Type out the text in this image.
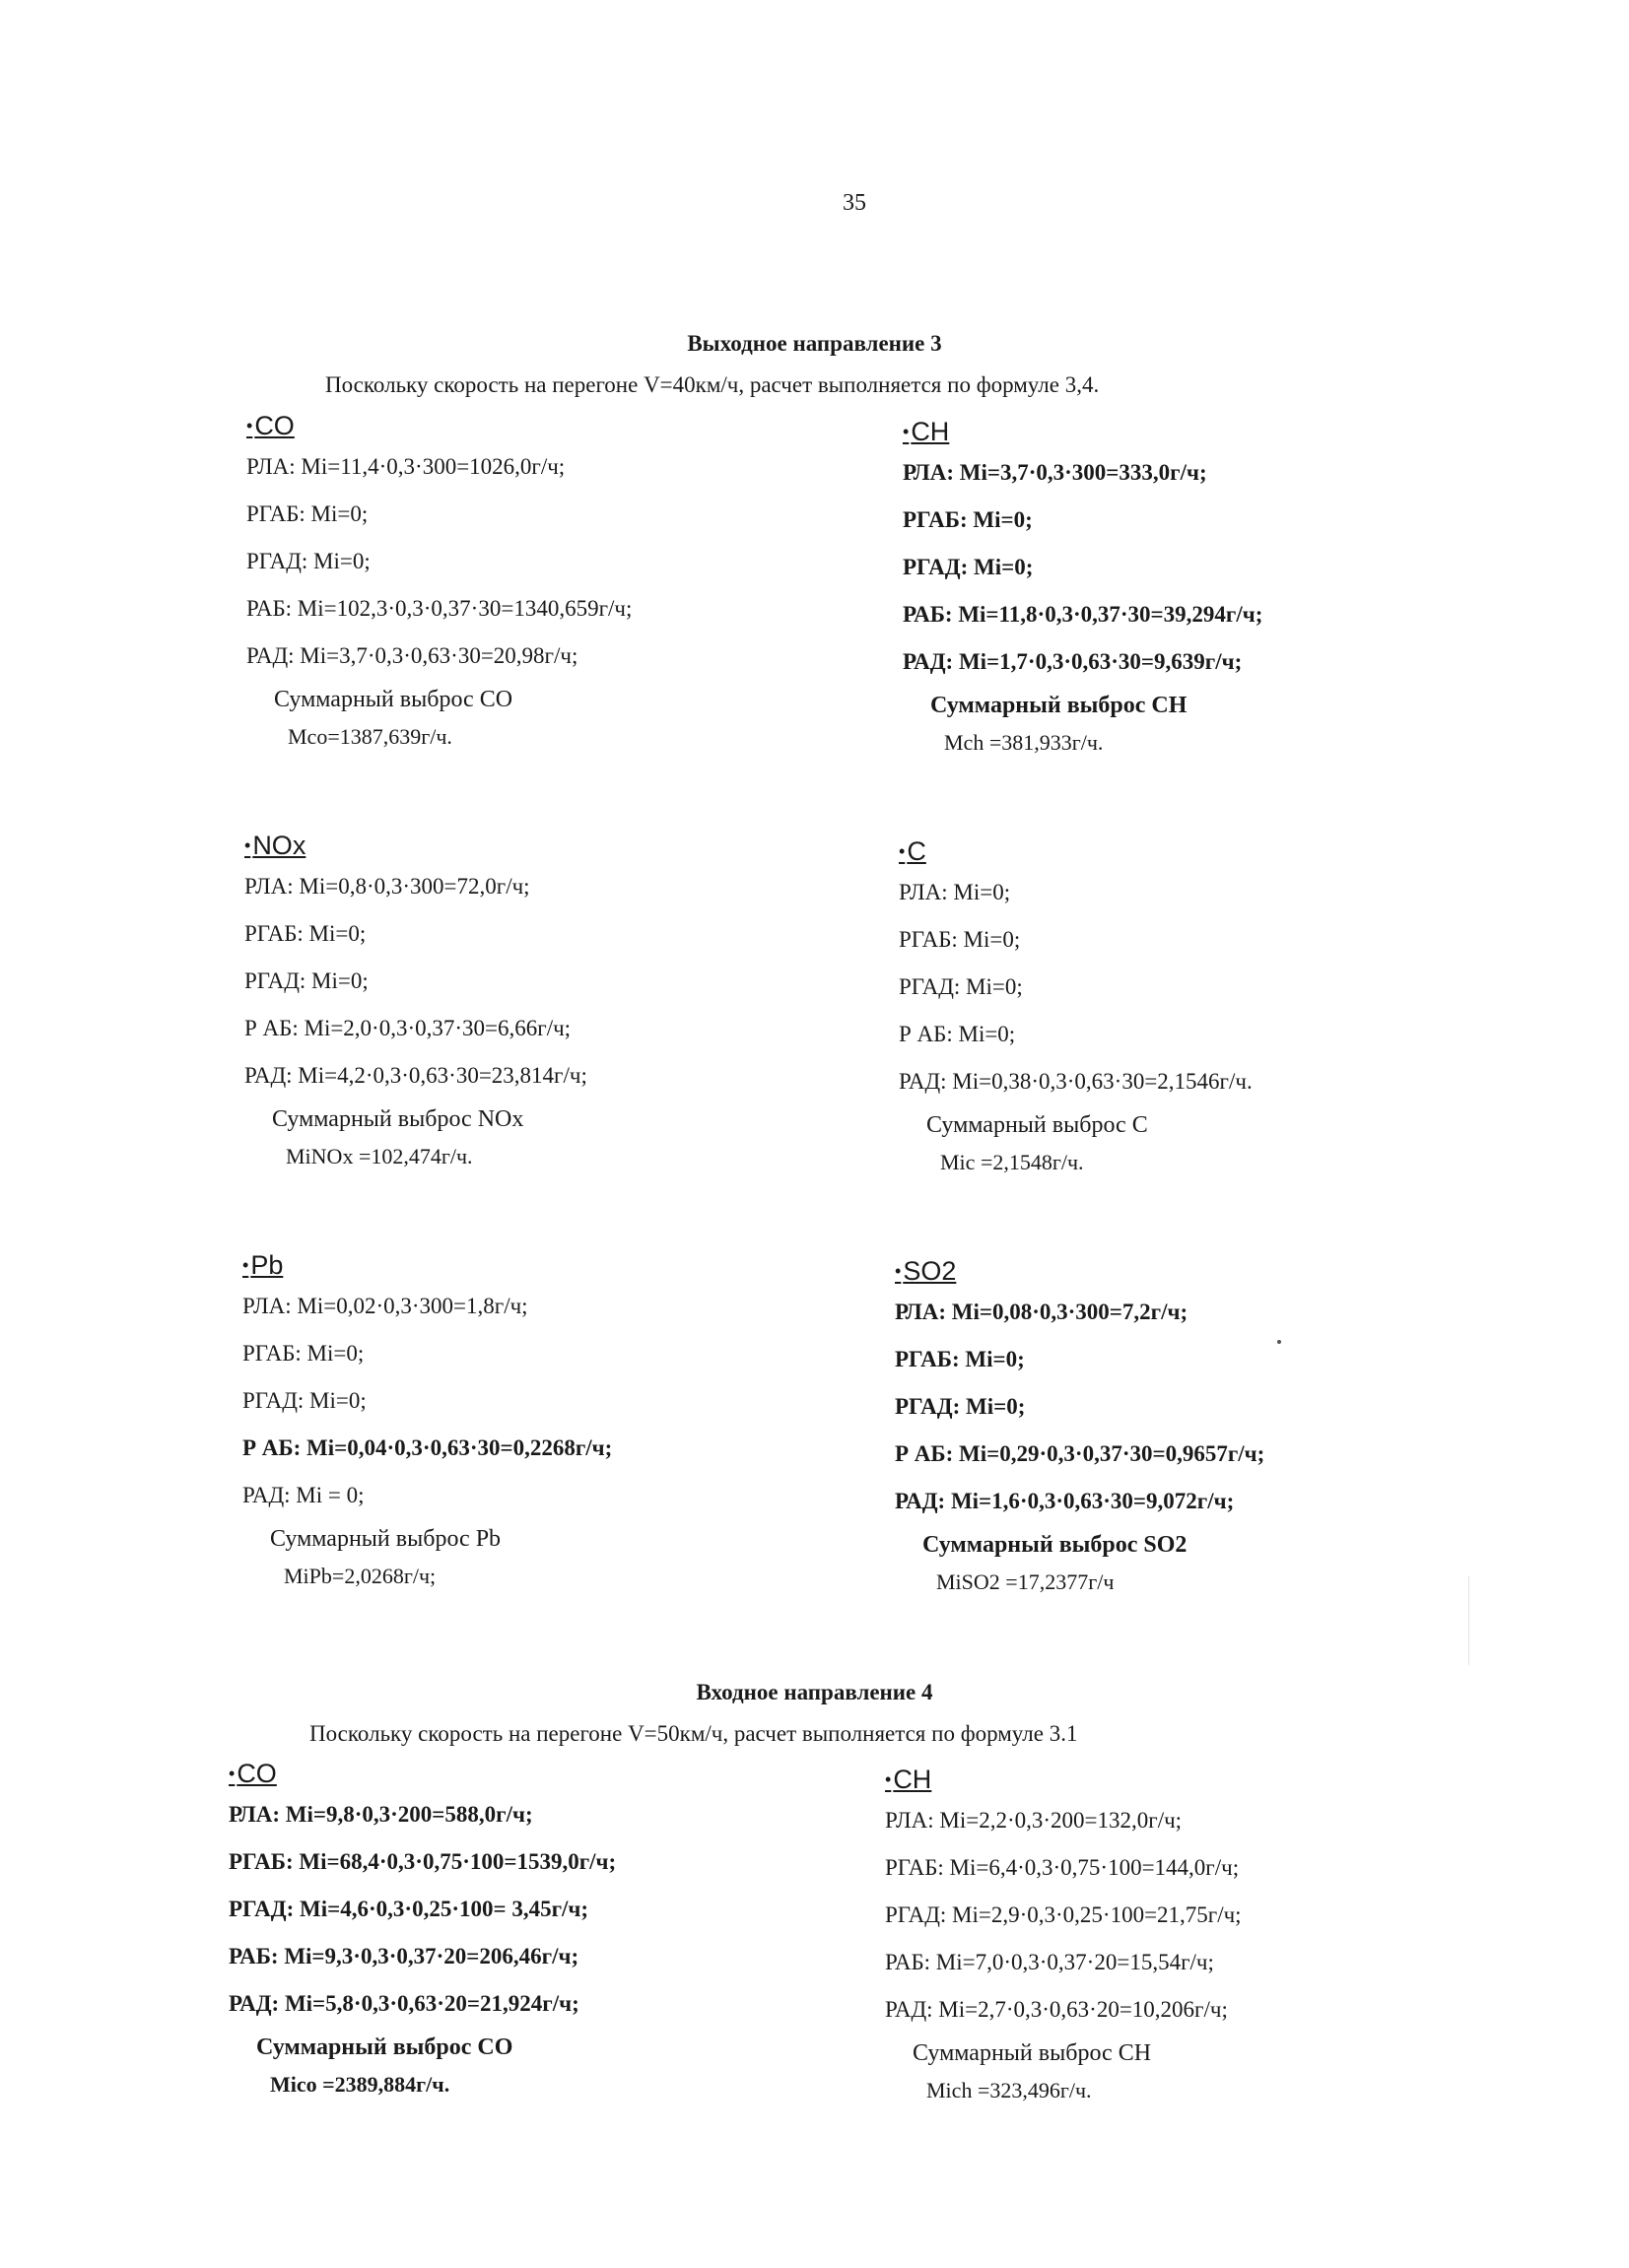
35
Выходное направление 3
Поскольку скорость на перегоне V=40км/ч, расчет выполняется по формуле 3,4.
•CO
РЛА: Mi=11,4·0,3·300=1026,0г/ч;
РГАБ: Mi=0;
РГАД: Mi=0;
РАБ: Mi=102,3·0,3·0,37·30=1340,659г/ч;
РАД: Mi=3,7·0,3·0,63·30=20,98г/ч;
Суммарный выброс CO
Mco=1387,639г/ч.
•CH
РЛА: Mi=3,7·0,3·300=333,0г/ч;
РГАБ: Mi=0;
РГАД: Mi=0;
РАБ: Mi=11,8·0,3·0,37·30=39,294г/ч;
РАД: Mi=1,7·0,3·0,63·30=9,639г/ч;
Суммарный выброс CH
Mch =381,933г/ч.
•NOx
РЛА: Mi=0,8·0,3·300=72,0г/ч;
РГАБ: Mi=0;
РГАД: Mi=0;
Р АБ: Mi=2,0·0,3·0,37·30=6,66г/ч;
РАД: Mi=4,2·0,3·0,63·30=23,814г/ч;
Суммарный выброс NOx
MiNOx =102,474г/ч.
•C
РЛА: Mi=0;
РГАБ: Mi=0;
РГАД: Mi=0;
Р АБ: Mi=0;
РАД: Mi=0,38·0,3·0,63·30=2,1546г/ч.
Суммарный выброс C
Mic =2,1548г/ч.
•Pb
РЛА: Mi=0,02·0,3·300=1,8г/ч;
РГАБ: Mi=0;
РГАД: Mi=0;
Р АБ: Mi=0,04·0,3·0,63·30=0,2268г/ч;
РАД: Mi = 0;
Суммарный выброс Pb
MiPb=2,0268г/ч;
•SO2
РЛА: Mi=0,08·0,3·300=7,2г/ч;
РГАБ: Mi=0;
РГАД: Mi=0;
Р АБ: Mi=0,29·0,3·0,37·30=0,9657г/ч;
РАД: Mi=1,6·0,3·0,63·30=9,072г/ч;
Суммарный выброс SO2
MiSO2 =17,2377г/ч
Входное направление 4
Поскольку скорость на перегоне V=50км/ч, расчет выполняется по формуле 3.1
•CO
РЛА: Mi=9,8·0,3·200=588,0г/ч;
РГАБ: Mi=68,4·0,3·0,75·100=1539,0г/ч;
РГАД: Mi=4,6·0,3·0,25·100= 3,45г/ч;
РАБ: Mi=9,3·0,3·0,37·20=206,46г/ч;
РАД: Mi=5,8·0,3·0,63·20=21,924г/ч;
Суммарный выброс CO
Mico =2389,884г/ч.
•CH
РЛА: Mi=2,2·0,3·200=132,0г/ч;
РГАБ: Mi=6,4·0,3·0,75·100=144,0г/ч;
РГАД: Mi=2,9·0,3·0,25·100=21,75г/ч;
РАБ: Mi=7,0·0,3·0,37·20=15,54г/ч;
РАД: Mi=2,7·0,3·0,63·20=10,206г/ч;
Суммарный выброс CH
Mich =323,496г/ч.
